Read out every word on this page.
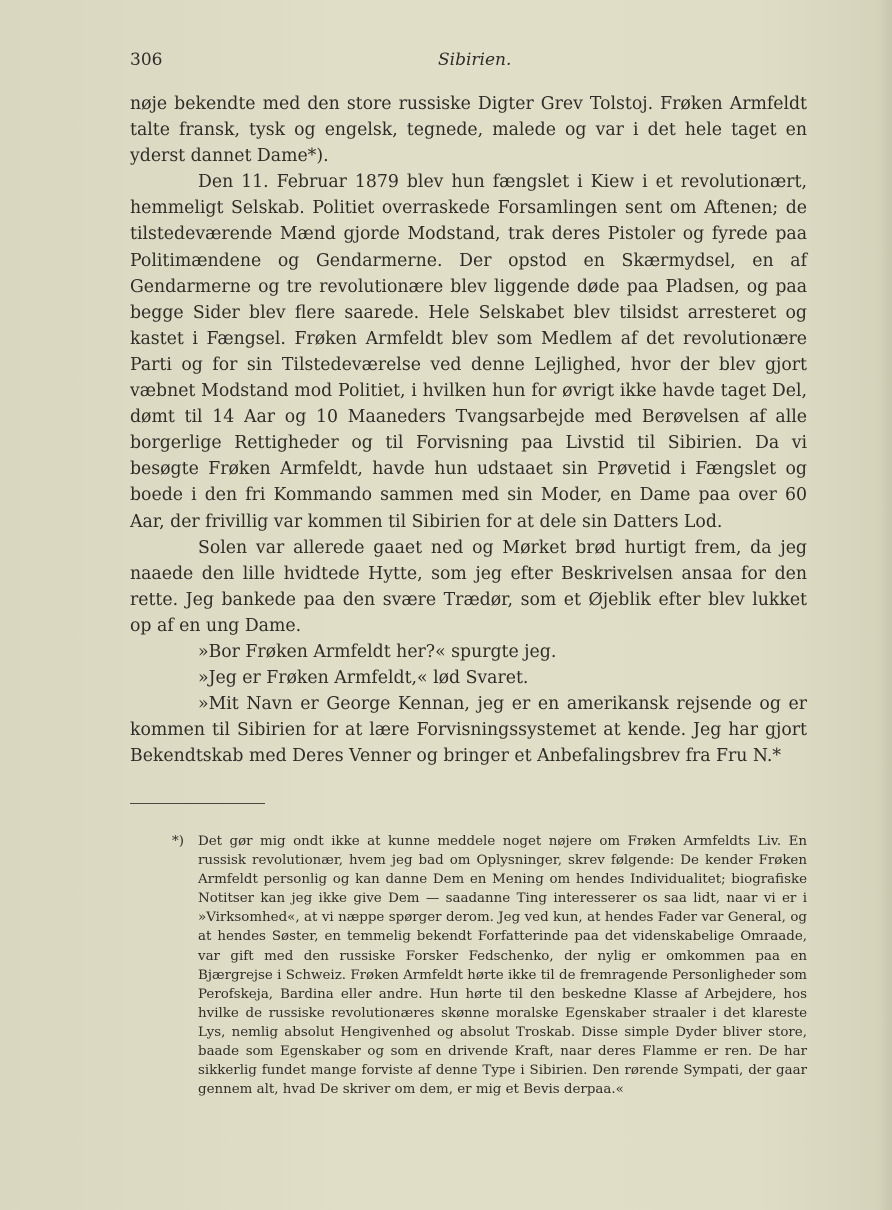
306	Sibirien.

nøje bekendte med den store russiske Digter Grev Tolstoj. Frøken Armfeldt talte fransk, tysk og engelsk, tegnede, malede og var i det hele taget en yderst dannet Dame*).

Den 11. Februar 1879 blev hun fængslet i Kiew i et revolutionært, hemmeligt Selskab. Politiet overraskede Forsamlingen sent om Aftenen; de tilstedeværende Mænd gjorde Modstand, trak deres Pistoler og fyrede paa Politimændene og Gendarmerne. Der opstod en Skærmydsel, en af Gendarmerne og tre revolutionære blev liggende døde paa Pladsen, og paa begge Sider blev flere saarede. Hele Selskabet blev tilsidst arresteret og kastet i Fængsel. Frøken Armfeldt blev som Medlem af det revolutionære Parti og for sin Tilstedeværelse ved denne Lejlighed, hvor der blev gjort væbnet Modstand mod Politiet, i hvilken hun for øvrigt ikke havde taget Del, dømt til 14 Aar og 10 Maaneders Tvangsarbejde med Berøvelsen af alle borgerlige Rettigheder og til Forvisning paa Livstid til Sibirien. Da vi besøgte Frøken Armfeldt, havde hun udstaaet sin Prøvetid i Fængslet og boede i den fri Kommando sammen med sin Moder, en Dame paa over 60 Aar, der frivillig var kommen til Sibirien for at dele sin Datters Lod.

Solen var allerede gaaet ned og Mørket brød hurtigt frem, da jeg naaede den lille hvidtede Hytte, som jeg efter Beskrivelsen ansaa for den rette. Jeg bankede paa den svære Trædør, som et Øjeblik efter blev lukket op af en ung Dame.

»Bor Frøken Armfeldt her?« spurgte jeg.

»Jeg er Frøken Armfeldt,« lød Svaret.

»Mit Navn er George Kennan, jeg er en amerikansk rejsende og er kommen til Sibirien for at lære Forvisningssystemet at kende. Jeg har gjort Bekendtskab med Deres Venner og bringer et Anbefalingsbrev fra Fru N.*

*) Det gør mig ondt ikke at kunne meddele noget nøjere om Frøken Armfeldts Liv. En russisk revolutionær, hvem jeg bad om Oplysninger, skrev følgende: De kender Frøken Armfeldt personlig og kan danne Dem en Mening om hendes Individualitet; biografiske Notitser kan jeg ikke give Dem — saadanne Ting interesserer os saa lidt, naar vi er i »Virksomhed«, at vi næppe spørger derom. Jeg ved kun, at hendes Fader var General, og at hendes Søster, en temmelig bekendt Forfatterinde paa det videnskabelige Omraade, var gift med den russiske Forsker Fedschenko, der nylig er omkommen paa en Bjærgrejse i Schweiz. Frøken Armfeldt hørte ikke til de fremragende Personligheder som Perofskeja, Bardina eller andre. Hun hørte til den beskedne Klasse af Arbejdere, hos hvilke de russiske revolutionæres skønne moralske Egenskaber straaler i det klareste Lys, nemlig absolut Hengivenhed og absolut Troskab. Disse simple Dyder bliver store, baade som Egenskaber og som en drivende Kraft, naar deres Flamme er ren. De har sikkerlig fundet mange forviste af denne Type i Sibirien. Den rørende Sympati, der gaar gennem alt, hvad De skriver om dem, er mig et Bevis derpaa.«
